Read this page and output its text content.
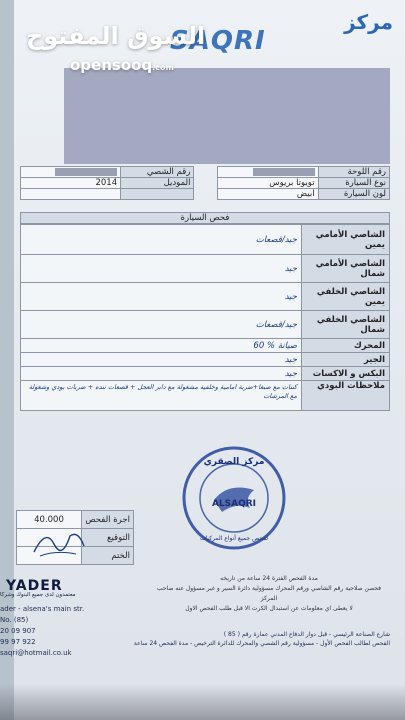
SAQRI
مركز
السوق المفتوح
opensooq.com
	رقم الشصي			رقم اللوحة
2014	الموديل		تويوتا بريوس	نوع السيارة
			ابيض	لون السيارة
فحص السيارة
جيد/قصعات	الشاصي الأمامي يمين
جيد	الشاصي الأمامي شمال
جيد	الشاصي الخلفي يمين
جيد/قصعات	الشاصي الخلفي شمال
60 % صيانة	المحرك
جيد	الجير
جيد	البكس و الاكسات
كنتات مع صبغا+ضربة امامية وخلفية مشغولة مع دابر العجل + قصعات تنده + ضربات بودي وشغولة مع المرشات	ملاحظات البودي
ALSAQRI
مركز الصقري
لفحص جميع أنواع المركبات
40.000	اجرة الفحص
	التوقيع
	الختم
YADER
معتمدون لدى جميع البنوك وشركا
ader - alsena's main str.
No. (85)
20 09 907
99 97 922
saqri@hotmail.co.uk
مدة الفحص الفترة 24 ساعة من تاريخه
فحصن صلاحية رقم الشاصي ورقم المحرك مسؤولية دائرة السير و غير مسؤول عنه صاحب المركز
لا يعطى اي معلومات عن استبدال الكرت الا قبل طلب الفحص الاول
شارع الصناعة الرئيسي - قبل دوار الدفاع المدني عمارة رقم ( 85 )
الفحص لطالب الفحص الأول - مسؤولية رقم الشصي والمحرك للدائرة الترخيص - مدة الفحص 24 ساعة
